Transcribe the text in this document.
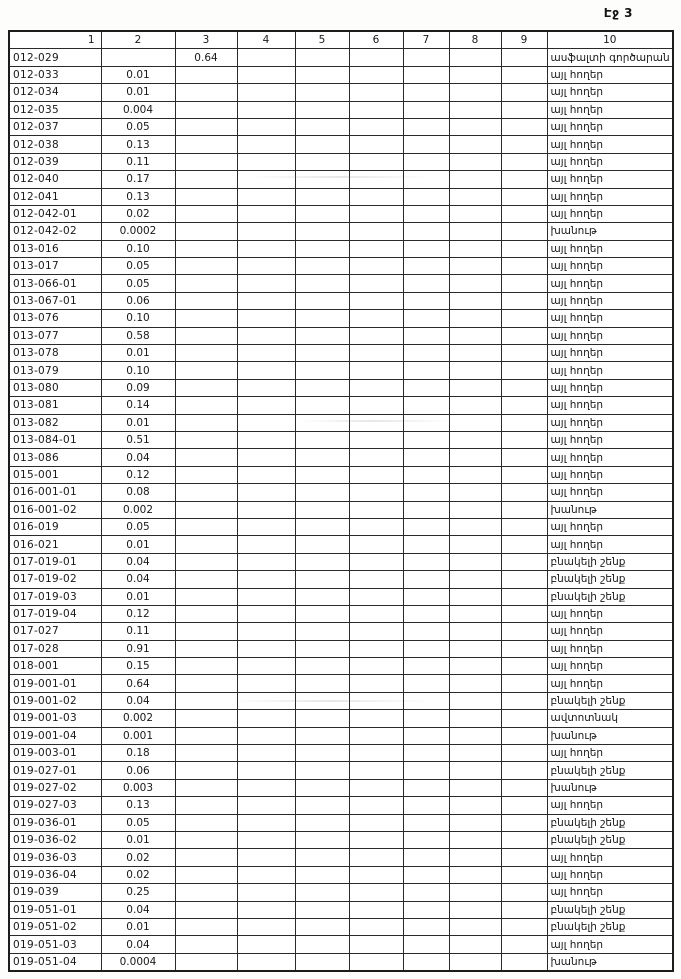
Էջ 3
1	2	3	4	5	6	7	8	9	10
012-029		0.64							ասֆալտի գործարան
012-033	0.01								այլ հողեր
012-034	0.01								այլ հողեր
012-035	0.004								այլ հողեր
012-037	0.05								այլ հողեր
012-038	0.13								այլ հողեր
012-039	0.11								այլ հողեր
012-040	0.17								այլ հողեր
012-041	0.13								այլ հողեր
012-042-01	0.02								այլ հողեր
012-042-02	0.0002								խանութ
013-016	0.10								այլ հողեր
013-017	0.05								այլ հողեր
013-066-01	0.05								այլ հողեր
013-067-01	0.06								այլ հողեր
013-076	0.10								այլ հողեր
013-077	0.58								այլ հողեր
013-078	0.01								այլ հողեր
013-079	0.10								այլ հողեր
013-080	0.09								այլ հողեր
013-081	0.14								այլ հողեր
013-082	0.01								այլ հողեր
013-084-01	0.51								այլ հողեր
013-086	0.04								այլ հողեր
015-001	0.12								այլ հողեր
016-001-01	0.08								այլ հողեր
016-001-02	0.002								խանութ
016-019	0.05								այլ հողեր
016-021	0.01								այլ հողեր
017-019-01	0.04								բնակելի շենք
017-019-02	0.04								բնակելի շենք
017-019-03	0.01								բնակելի շենք
017-019-04	0.12								այլ հողեր
017-027	0.11								այլ հողեր
017-028	0.91								այլ հողեր
018-001	0.15								այլ հողեր
019-001-01	0.64								այլ հողեր
019-001-02	0.04								բնակելի շենք
019-001-03	0.002								ավտոտնակ
019-001-04	0.001								խանութ
019-003-01	0.18								այլ հողեր
019-027-01	0.06								բնակելի շենք
019-027-02	0.003								խանութ
019-027-03	0.13								այլ հողեր
019-036-01	0.05								բնակելի շենք
019-036-02	0.01								բնակելի շենք
019-036-03	0.02								այլ հողեր
019-036-04	0.02								այլ հողեր
019-039	0.25								այլ հողեր
019-051-01	0.04								բնակելի շենք
019-051-02	0.01								բնակելի շենք
019-051-03	0.04								այլ հողեր
019-051-04	0.0004								խանութ
